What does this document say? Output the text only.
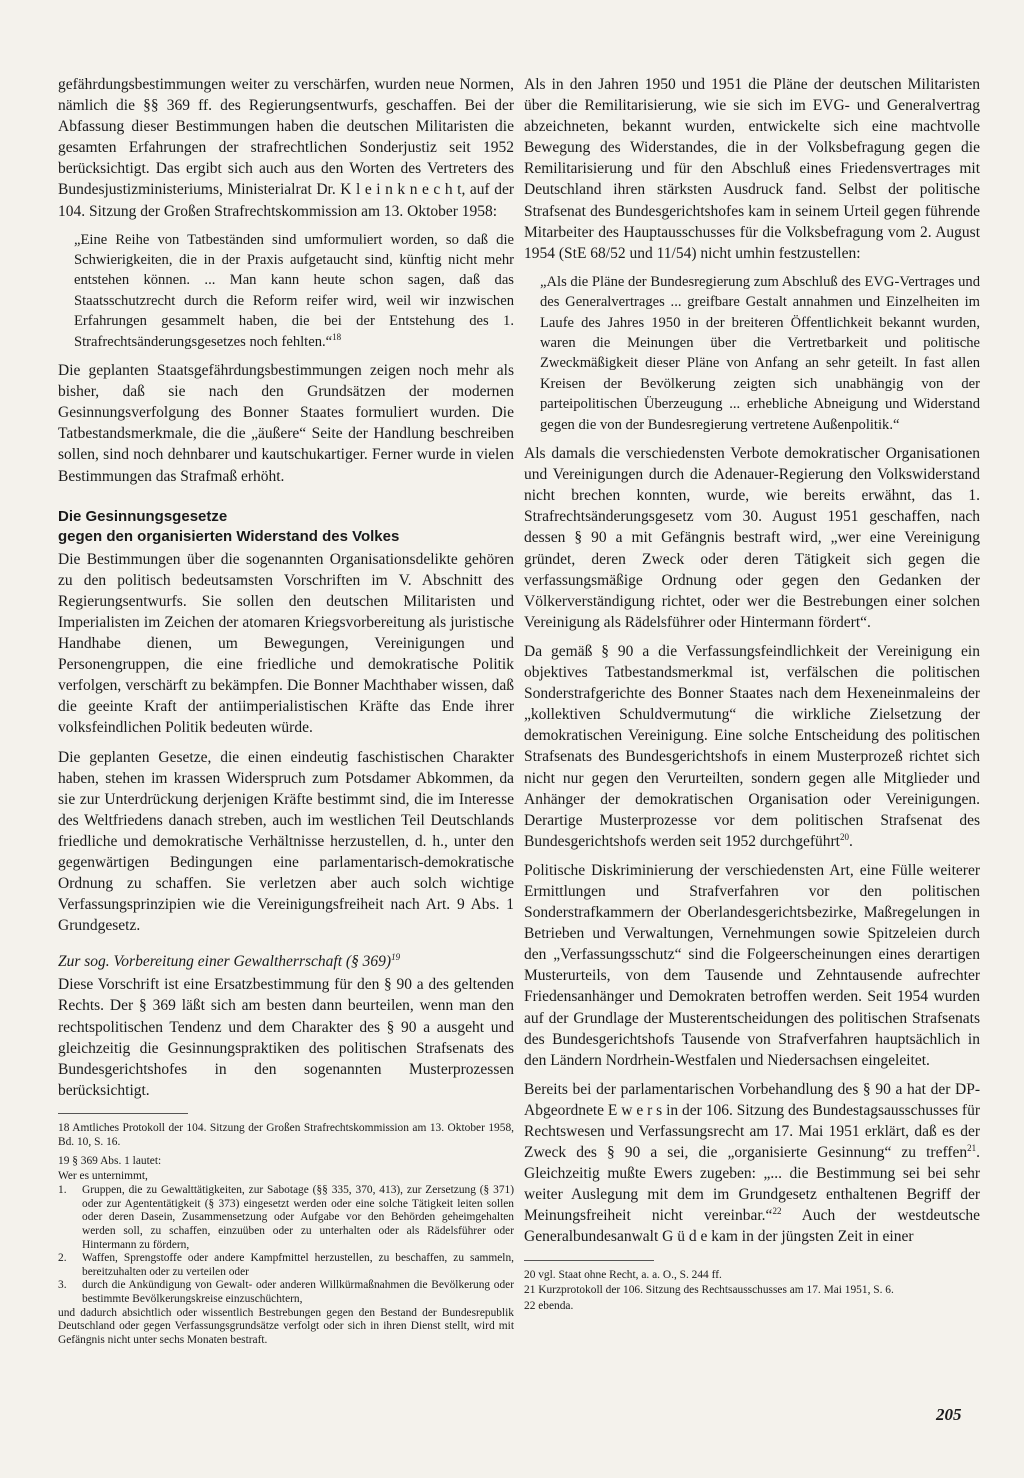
gefährdungsbestimmungen weiter zu verschärfen, wurden neue Normen, nämlich die §§ 369 ff. des Regierungsentwurfs, geschaffen. Bei der Abfassung dieser Bestimmungen haben die deutschen Militaristen die gesamten Erfahrungen der strafrechtlichen Sonderjustiz seit 1952 berücksichtigt. Das ergibt sich auch aus den Worten des Vertreters des Bundesjustizministeriums, Ministerialrat Dr. K l e i n k n e c h t, auf der 104. Sitzung der Großen Strafrechtskommission am 13. Oktober 1958:

„Eine Reihe von Tatbeständen sind umformuliert worden, so daß die Schwierigkeiten, die in der Praxis aufgetaucht sind, künftig nicht mehr entstehen können. ... Man kann heute schon sagen, daß das Staatsschutzrecht durch die Reform reifer wird, weil wir inzwischen Erfahrungen gesammelt haben, die bei der Entstehung des 1. Strafrechtsänderungsgesetzes noch fehlten.“$^{18}$

Die geplanten Staatsgefährdungsbestimmungen zeigen noch mehr als bisher, daß sie nach den Grundsätzen der modernen Gesinnungsverfolgung des Bonner Staates formuliert wurden. Die Tatbestandsmerkmale, die die „äußere“ Seite der Handlung beschreiben sollen, sind noch dehnbarer und kautschukartiger. Ferner wurde in vielen Bestimmungen das Strafmaß erhöht.

Die Gesinnungsgesetze
gegen den organisierten Widerstand des Volkes

Die Bestimmungen über die sogenannten Organisationsdelikte gehören zu den politisch bedeutsamsten Vorschriften im V. Abschnitt des Regierungsentwurfs. Sie sollen den deutschen Militaristen und Imperialisten im Zeichen der atomaren Kriegsvorbereitung als juristische Handhabe dienen, um Bewegungen, Vereinigungen und Personengruppen, die eine friedliche und demokratische Politik verfolgen, verschärft zu bekämpfen. Die Bonner Machthaber wissen, daß die geeinte Kraft der antiimperialistischen Kräfte das Ende ihrer volksfeindlichen Politik bedeuten würde.

Die geplanten Gesetze, die einen eindeutig faschistischen Charakter haben, stehen im krassen Widerspruch zum Potsdamer Abkommen, da sie zur Unterdrückung derjenigen Kräfte bestimmt sind, die im Interesse des Weltfriedens danach streben, auch im westlichen Teil Deutschlands friedliche und demokratische Verhältnisse herzustellen, d. h., unter den gegenwärtigen Bedingungen eine parlamentarisch-demokratische Ordnung zu schaffen. Sie verletzen aber auch solch wichtige Verfassungsprinzipien wie die Vereinigungsfreiheit nach Art. 9 Abs. 1 Grundgesetz.

Zur sog. Vorbereitung einer Gewaltherrschaft (§ 369)$^{19}$

Diese Vorschrift ist eine Ersatzbestimmung für den § 90 a des geltenden Rechts. Der § 369 läßt sich am besten dann beurteilen, wenn man den rechtspolitischen Tendenz und dem Charakter des § 90 a ausgeht und gleichzeitig die Gesinnungspraktiken des politischen Strafsenats des Bundesgerichtshofes in den sogenannten Musterprozessen berücksichtigt.

18 Amtliches Protokoll der 104. Sitzung der Großen Strafrechtskommission am 13. Oktober 1958, Bd. 10, S. 16.

19 § 369 Abs. 1 lautet:

Wer es unternimmt,

1. Gruppen, die zu Gewalttätigkeiten, zur Sabotage (§§ 335, 370, 413), zur Zersetzung (§ 371) oder zur Agententätigkeit (§ 373) eingesetzt werden oder eine solche Tätigkeit leiten sollen oder deren Dasein, Zusammensetzung oder Aufgabe vor den Behörden geheimgehalten werden soll, zu schaffen, einzuüben oder zu unterhalten oder als Rädelsführer oder Hintermann zu fördern,
2. Waffen, Sprengstoffe oder andere Kampfmittel herzustellen, zu beschaffen, zu sammeln, bereitzuhalten oder zu verteilen oder
3. durch die Ankündigung von Gewalt- oder anderen Willkürmaßnahmen die Bevölkerung oder bestimmte Bevölkerungskreise einzuschüchtern,

und dadurch absichtlich oder wissentlich Bestrebungen gegen den Bestand der Bundesrepublik Deutschland oder gegen Verfassungsgrundsätze verfolgt oder sich in ihren Dienst stellt, wird mit Gefängnis nicht unter sechs Monaten bestraft.

Als in den Jahren 1950 und 1951 die Pläne der deutschen Militaristen über die Remilitarisierung, wie sie sich im EVG- und Generalvertrag abzeichneten, bekannt wurden, entwickelte sich eine machtvolle Bewegung des Widerstandes, die in der Volksbefragung gegen die Remilitarisierung und für den Abschluß eines Friedensvertrages mit Deutschland ihren stärksten Ausdruck fand. Selbst der politische Strafsenat des Bundesgerichtshofes kam in seinem Urteil gegen führende Mitarbeiter des Hauptausschusses für die Volksbefragung vom 2. August 1954 (StE 68/52 und 11/54) nicht umhin festzustellen:

„Als die Pläne der Bundesregierung zum Abschluß des EVG-Vertrages und des Generalvertrages ... greifbare Gestalt annahmen und Einzelheiten im Laufe des Jahres 1950 in der breiteren Öffentlichkeit bekannt wurden, waren die Meinungen über die Vertretbarkeit und politische Zweckmäßigkeit dieser Pläne von Anfang an sehr geteilt. In fast allen Kreisen der Bevölkerung zeigten sich unabhängig von der parteipolitischen Überzeugung ... erhebliche Abneigung und Widerstand gegen die von der Bundesregierung vertretene Außenpolitik.“

Als damals die verschiedensten Verbote demokratischer Organisationen und Vereinigungen durch die Adenauer-Regierung den Volkswiderstand nicht brechen konnten, wurde, wie bereits erwähnt, das 1. Strafrechtsänderungsgesetz vom 30. August 1951 geschaffen, nach dessen § 90 a mit Gefängnis bestraft wird, „wer eine Vereinigung gründet, deren Zweck oder deren Tätigkeit sich gegen die verfassungsmäßige Ordnung oder gegen den Gedanken der Völkerverständigung richtet, oder wer die Bestrebungen einer solchen Vereinigung als Rädelsführer oder Hintermann fördert“.

Da gemäß § 90 a die Verfassungsfeindlichkeit der Vereinigung ein objektives Tatbestandsmerkmal ist, verfälschen die politischen Sonderstrafgerichte des Bonner Staates nach dem Hexeneinmaleins der „kollektiven Schuldvermutung“ die wirkliche Zielsetzung der demokratischen Vereinigung. Eine solche Entscheidung des politischen Strafsenats des Bundesgerichtshofs in einem Musterprozeß richtet sich nicht nur gegen den Verurteilten, sondern gegen alle Mitglieder und Anhänger der demokratischen Organisation oder Vereinigungen. Derartige Musterprozesse vor dem politischen Strafsenat des Bundesgerichtshofs werden seit 1952 durchgeführt$^{20}$.

Politische Diskriminierung der verschiedensten Art, eine Fülle weiterer Ermittlungen und Strafverfahren vor den politischen Sonderstrafkammern der Oberlandesgerichtsbezirke, Maßregelungen in Betrieben und Verwaltungen, Vernehmungen sowie Spitzeleien durch den „Verfassungsschutz“ sind die Folgeerscheinungen eines derartigen Musterurteils, von dem Tausende und Zehntausende aufrechter Friedensanhänger und Demokraten betroffen werden. Seit 1954 wurden auf der Grundlage der Musterentscheidungen des politischen Strafsenats des Bundesgerichtshofs Tausende von Strafverfahren hauptsächlich in den Ländern Nordrhein-Westfalen und Niedersachsen eingeleitet.

Bereits bei der parlamentarischen Vorbehandlung des § 90 a hat der DP-Abgeordnete E w e r s in der 106. Sitzung des Bundestagsausschusses für Rechtswesen und Verfassungsrecht am 17. Mai 1951 erklärt, daß es der Zweck des § 90 a sei, die „organisierte Gesinnung“ zu treffen$^{21}$. Gleichzeitig mußte Ewers zugeben: „... die Bestimmung sei bei sehr weiter Auslegung mit dem im Grundgesetz enthaltenen Begriff der Meinungsfreiheit nicht vereinbar.“$^{22}$ Auch der westdeutsche Generalbundesanwalt G ü d e kam in der jüngsten Zeit in einer

20 vgl. Staat ohne Recht, a. a. O., S. 244 ff.

21 Kurzprotokoll der 106. Sitzung des Rechtsausschusses am 17. Mai 1951, S. 6.

22 ebenda.

205
